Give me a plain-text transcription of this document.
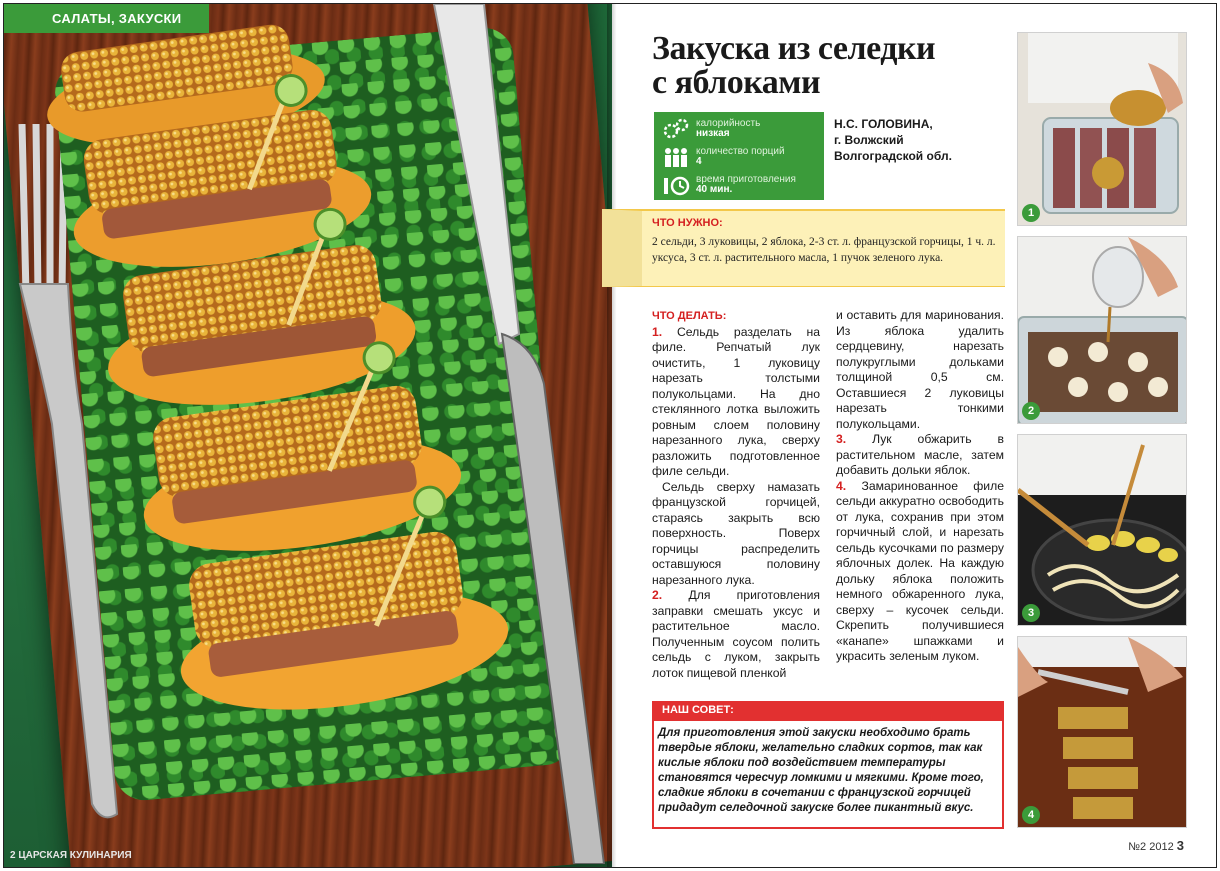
САЛАТЫ, ЗАКУСКИ
2 ЦАРСКАЯ КУЛИНАРИЯ
Закуска из селедки
с яблоками
калорийность
низкая
количество порций
4
время приготовления
40 мин.
Н.С. ГОЛОВИНА,
г. Волжский
Волгоградской обл.
ЧТО НУЖНО:
2 сельди, 3 луковицы, 2 яблока, 2-3 ст. л. французской горчицы, 1 ч. л. уксуса, 3 ст. л. растительного масла, 1 пучок зеленого лука.

ЧТО ДЕЛАТЬ:

1. Сельдь разделать на филе. Репчатый лук очистить, 1 луковицу нарезать толстыми полукольцами. На дно стеклянного лотка выложить ровным слоем половину нарезанного лука, сверху разложить подготовленное филе сельди.

Сельдь сверху намазать французской горчицей, стараясь закрыть всю поверхность. Поверх горчицы распределить оставшуюся половину нарезанного лука.

2. Для приготовления заправки смешать уксус и растительное масло. Полученным соусом полить сельдь с луком, закрыть лоток пищевой пленкой

и оставить для маринования. Из яблока удалить сердцевину, нарезать полукруглыми дольками толщиной 0,5 см. Оставшиеся 2 луковицы нарезать тонкими полукольцами.

3. Лук обжарить в растительном масле, затем добавить дольки яблок.

4. Замаринованное филе сельди аккуратно освободить от лука, сохранив при этом горчичный слой, и нарезать сельдь кусочками по размеру яблочных долек. На каждую дольку яблока положить немного обжаренного лука, сверху – кусочек сельди. Скрепить получившиеся «канапе» шпажками и украсить зеленым луком.

НАШ СОВЕТ:
Для приготовления этой закуски необходимо брать твердые яблоки, желательно сладких сортов, так как кислые яблоки под воздействием температуры становятся чересчур ломкими и мягкими. Кроме того, сладкие яблоки в сочетании с французской горчицей придадут селедочной закуске более пикантный вкус.
1
2
3
4
№2 2012 3
